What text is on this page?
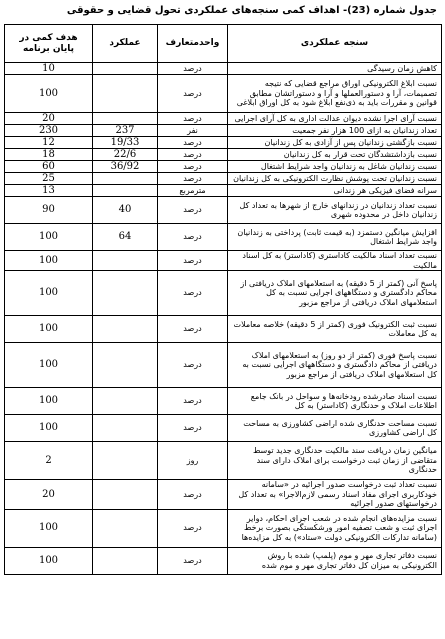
جدول شماره (23)- اهداف کمی سنجه‌های عملکردی تحول قضایی و حقوقی
سنجه عملکردی	واحدمتعارف	عملکرد	هدف کمی در پایان برنامه
کاهش زمان رسیدگی	درصد		10
نسبت ابلاغ الکترونیکی اوراق مراجع قضایی که نتیجه تصمیمات، آرا و دستورالعملها و آرا و دستوراتشان مطابق قوانین و مقررات باید به ذی‌نفع ابلاغ شود به کل اوراق ابلاغی	درصد		100
نسبت آرای اجرا نشده دیوان عدالت اداری به کل آرای اجرایی	درصد		20
تعداد زندانیان به ازای 100 هزار نفر جمعیت	نفر	237	230
نسبت بازگشتی زندانیان پس از آزادی به کل زندانیان	درصد	19/33	12
نسبت بازداشتشدگان تحت قرار به کل زندانیان	درصد	22/6	18
نسبت زندانیان شاغل به زندانیان واجد شرایط اشتغال	درصد	36/92	60
نسبت زندانیان تحت پوشش نظارت الکترونیکی به کل زندانیان	درصد		25
سرانه فضای فیزیکی هر زندانی	مترمربع		13
نسبت تعداد زندانیان در زندانهای خارج از شهرها به تعداد کل زندانیان داخل در محدوده شهری	درصد	40	90
افزایش میانگین دستمزد (به قیمت ثابت) پرداختی به زندانیان واجد شرایط اشتغال	درصد	64	100
نسبت تعداد اسناد مالکیت کاداستری (کاداستر) به کل اسناد مالکیت	درصد		100
پاسخ آنی (کمتر از 5 دقیقه) به استعلامهای املاک دریافتی از محاکم دادگستری و دستگاههای اجرایی نسبت به کل استعلامهای املاک دریافتی از مراجع مزبور	درصد		100
نسبت ثبت الکترونیک فوری (کمتر از 5 دقیقه) خلاصه معاملات به کل معاملات	درصد		100
نسبت پاسخ فوری (کمتر از دو روز) به استعلامهای املاک دریافتی از محاکم دادگستری و دستگاههای اجرایی نسبت به کل استعلامهای املاک دریافتی از مراجع مزبور	درصد		100
نسبت اسناد صادرشده رودخانه‌ها و سواحل در بانک جامع اطلاعات املاک و حدنگاری (کاداستر) به کل	درصد		100
نسبت مساحت حدنگاری شده اراضی کشاورزی به مساحت کل اراضی کشاورزی	درصد		100
میانگین زمان دریافت سند مالکیت حدنگاری جدید توسط متقاضی از زمان ثبت درخواست برای املاک دارای سند حدنگاری	روز		2
نسبت تعداد ثبت درخواست صدور اجرائیه در «سامانه خودکاربری اجرای مفاد اسناد رسمی لازم‌الاجرا» به تعداد کل درخواستهای صدور اجرائیه	درصد		20
نسبت مزایده‌های انجام شده در شعب اجرای احکام، دوایر اجرای ثبت و شعب تصفیه امور ورشکستگی بصورت برخط (سامانه تدارکات الکترونیکی دولت «ستاد») به کل مزایده‌ها	درصد		100
نسبت دفاتر تجاری مهر و موم (پلمپ) شده با روش الکترونیکی به میزان کل دفاتر تجاری مهر و موم شده	درصد		100
